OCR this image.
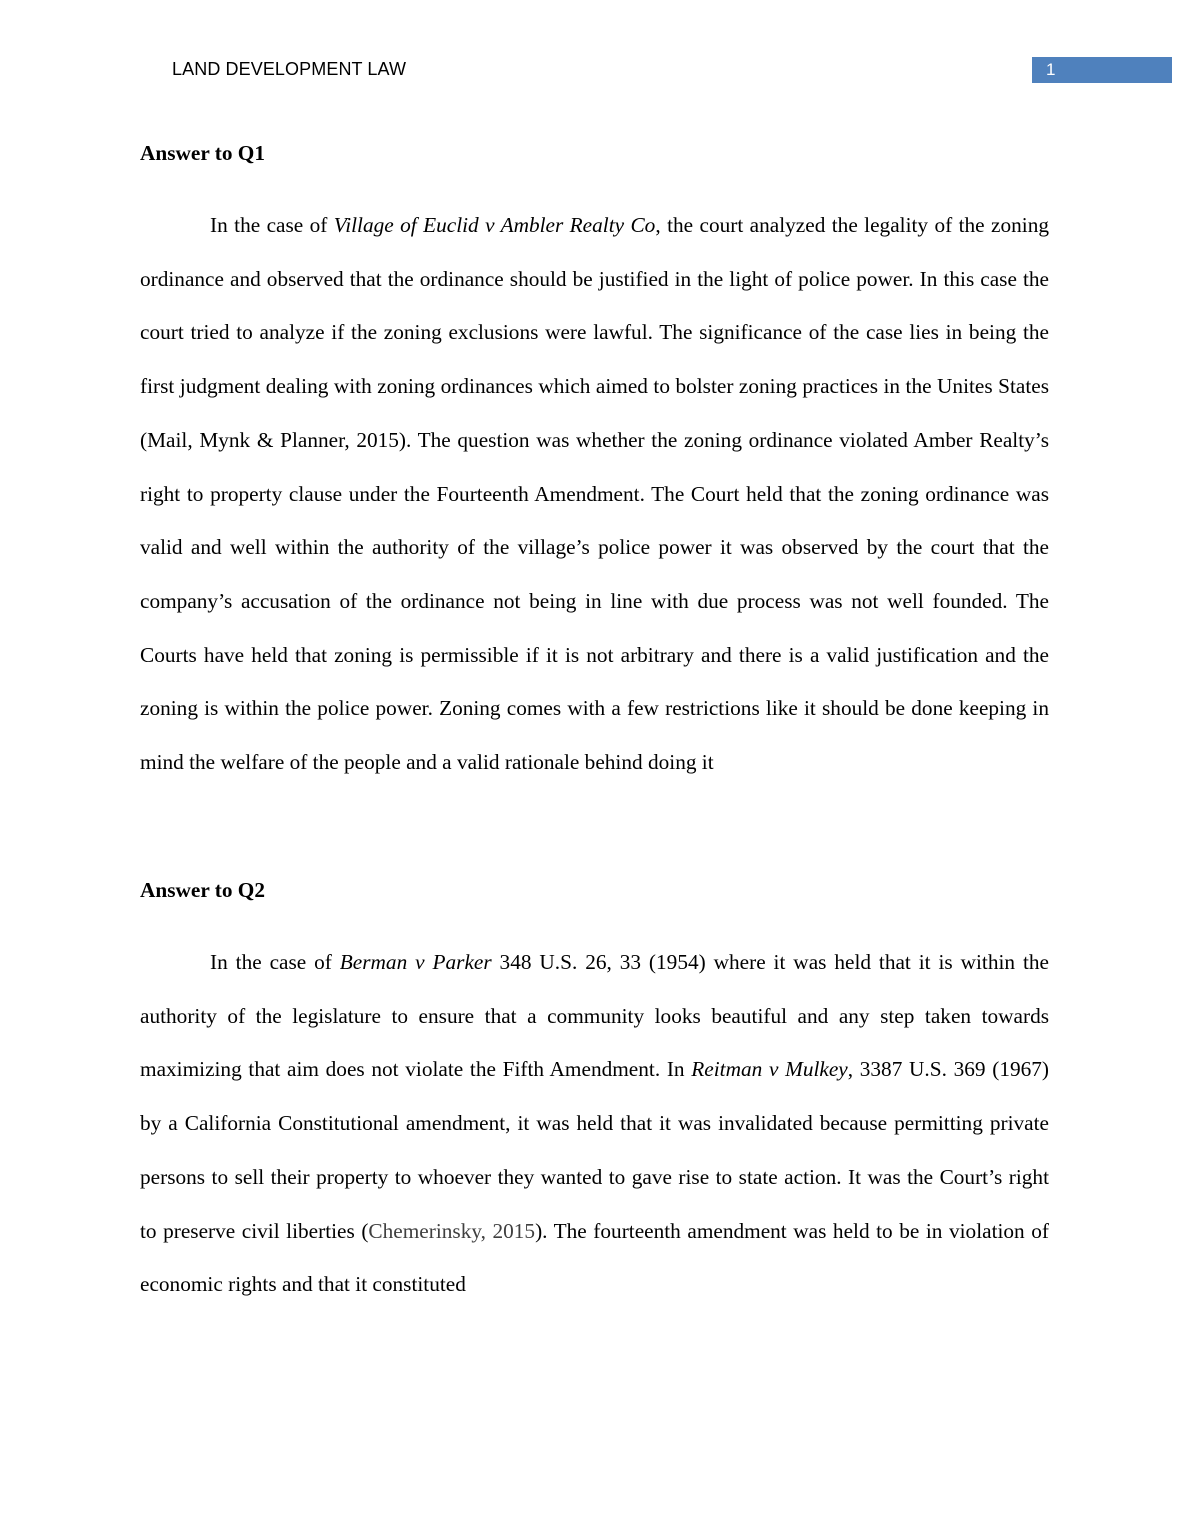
LAND DEVELOPMENT LAW	1
Answer to Q1

In the case of Village of Euclid v Ambler Realty Co, the court analyzed the legality of the zoning ordinance and observed that the ordinance should be justified in the light of police power. In this case the court tried to analyze if the zoning exclusions were lawful. The significance of the case lies in being the first judgment dealing with zoning ordinances which aimed to bolster zoning practices in the Unites States (Mail, Mynk & Planner, 2015). The question was whether the zoning ordinance violated Amber Realty’s right to property clause under the Fourteenth Amendment. The Court held that the zoning ordinance was valid and well within the authority of the village’s police power it was observed by the court that the company’s accusation of the ordinance not being in line with due process was not well founded. The Courts have held that zoning is permissible if it is not arbitrary and there is a valid justification and the zoning is within the police power. Zoning comes with a few restrictions like it should be done keeping in mind the welfare of the people and a valid rationale behind doing it

Answer to Q2

In the case of Berman v Parker 348 U.S. 26, 33 (1954) where it was held that it is within the authority of the legislature to ensure that a community looks beautiful and any step taken towards maximizing that aim does not violate the Fifth Amendment. In Reitman v Mulkey, 3387 U.S. 369 (1967) by a California Constitutional amendment, it was held that it was invalidated because permitting private persons to sell their property to whoever they wanted to gave rise to state action. It was the Court’s right to preserve civil liberties (Chemerinsky, 2015). The fourteenth amendment was held to be in violation of economic rights and that it constituted
